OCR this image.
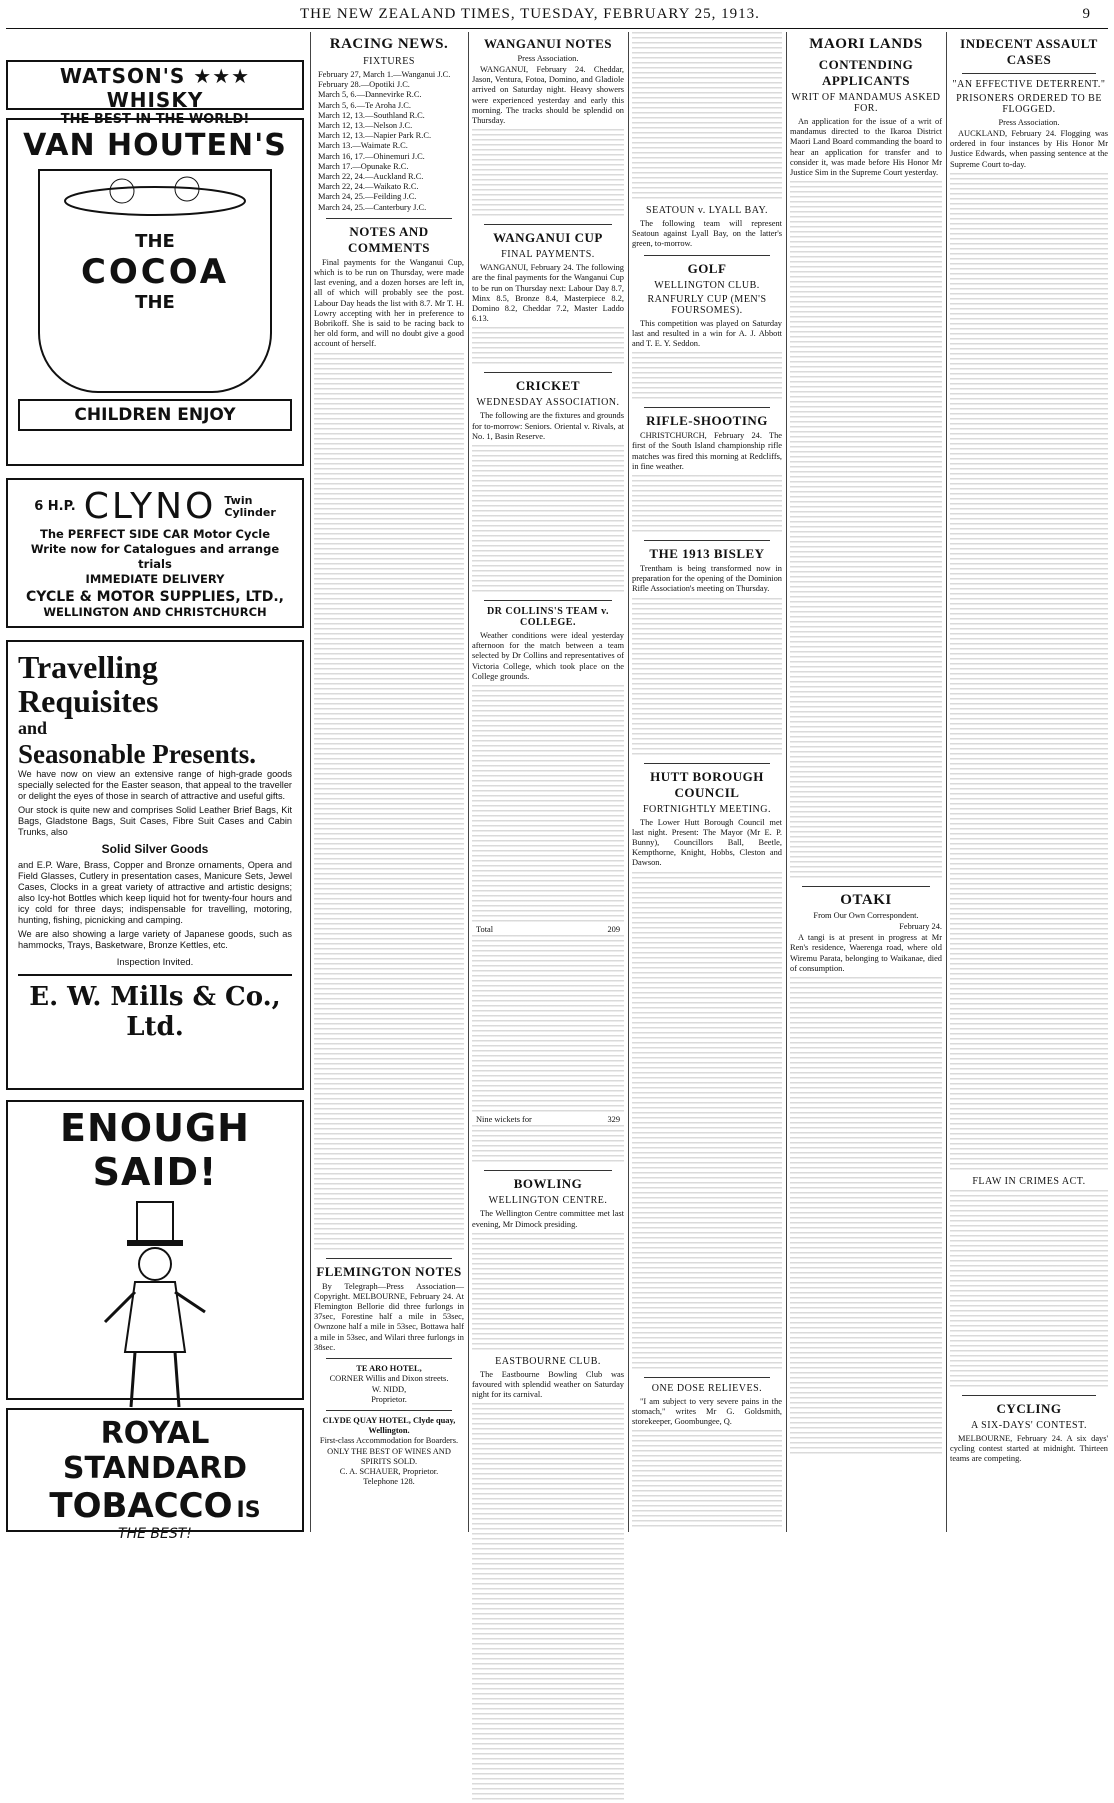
THE NEW ZEALAND TIMES, TUESDAY, FEBRUARY 25, 1913.	9
WATSON'S ★★★ WHISKY
THE BEST IN THE WORLD!
VAN HOUTEN'S
THE
COCOA
THE
CHILDREN ENJOY
6 H.P. CLYNO Twin
Cylinder
The PERFECT SIDE CAR Motor Cycle
Write now for Catalogues and arrange trials
IMMEDIATE DELIVERY
CYCLE & MOTOR SUPPLIES, LTD.,
WELLINGTON AND CHRISTCHURCH
Travelling
Requisites
and
Seasonable Presents.

We have now on view an extensive range of high-grade goods specially selected for the Easter season, that appeal to the traveller or delight the eyes of those in search of attractive and useful gifts.

Our stock is quite new and comprises Solid Leather Brief Bags, Kit Bags, Gladstone Bags, Suit Cases, Fibre Suit Cases and Cabin Trunks, also

Solid Silver Goods

and E.P. Ware, Brass, Copper and Bronze ornaments, Opera and Field Glasses, Cutlery in presentation cases, Manicure Sets, Jewel Cases, Clocks in a great variety of attractive and artistic designs; also Icy-hot Bottles which keep liquid hot for twenty-four hours and icy cold for three days; indispensable for travelling, motoring, hunting, fishing, picnicking and camping.

We are also showing a large variety of Japanese goods, such as hammocks, Trays, Basketware, Bronze Kettles, etc.

Inspection Invited.
E. W. Mills & Co., Ltd.
ENOUGH SAID!
ROYAL STANDARD
TOBACCO IS
THE BEST!
RACING NEWS.
FIXTURES
February 27, March 1.—Wanganui J.C.
February 28.—Opotiki J.C.
March 5, 6.—Dannevirke R.C.
March 5, 6.—Te Aroha J.C.
March 12, 13.—Southland R.C.
March 12, 13.—Nelson J.C.
March 12, 13.—Napier Park R.C.
March 13.—Waimate R.C.
March 16, 17.—Ohinemuri J.C.
March 17.—Opunake R.C.
March 22, 24.—Auckland R.C.
March 22, 24.—Waikato R.C.
March 24, 25.—Feilding J.C.
March 24, 25.—Canterbury J.C.
NOTES AND COMMENTS

Final payments for the Wanganui Cup, which is to be run on Thursday, were made last evening, and a dozen horses are left in, all of which will probably see the post. Labour Day heads the list with 8.7. Mr T. H. Lowry accepting with her in preference to Bobrikoff. She is said to be racing back to her old form, and will no doubt give a good account of herself.

FLEMINGTON NOTES

By Telegraph—Press Association—Copyright. MELBOURNE, February 24. At Flemington Bellorie did three furlongs in 37sec, Forestine half a mile in 53sec, Ownzone half a mile in 53sec, Bottawa half a mile in 53sec, and Wilari three furlongs in 38sec.

TE ARO HOTEL,
CORNER Willis and Dixon streets.
W. NIDD,
Proprietor.
CLYDE QUAY HOTEL, Clyde quay, Wellington.
First-class Accommodation for Boarders. ONLY THE BEST OF WINES AND SPIRITS SOLD.
C. A. SCHAUER, Proprietor.
Telephone 128.
WANGANUI NOTES
Press Association.

WANGANUI, February 24. Cheddar, Jason, Ventura, Fotoa, Domino, and Gladiole arrived on Saturday night. Heavy showers were experienced yesterday and early this morning. The tracks should be splendid on Thursday.

WANGANUI CUP
FINAL PAYMENTS.

WANGANUI, February 24. The following are the final payments for the Wanganui Cup to be run on Thursday next: Labour Day 8.7, Minx 8.5, Bronze 8.4, Masterpiece 8.2, Domino 8.2, Cheddar 7.2, Master Laddo 6.13.

CRICKET
WEDNESDAY ASSOCIATION.

The following are the fixtures and grounds for to-morrow: Seniors. Oriental v. Rivals, at No. 1, Basin Reserve.

DR COLLINS'S TEAM v. COLLEGE.

Weather conditions were ideal yesterday afternoon for the match between a team selected by Dr Collins and representatives of Victoria College, which took place on the College grounds.

Total	209
Nine wickets for	329
BOWLING
WELLINGTON CENTRE.

The Wellington Centre committee met last evening, Mr Dimock presiding.

EASTBOURNE CLUB.

The Eastbourne Bowling Club was favoured with splendid weather on Saturday night for its carnival.

SEATOUN v. LYALL BAY.

The following team will represent Seatoun against Lyall Bay, on the latter's green, to-morrow.

GOLF
WELLINGTON CLUB.
RANFURLY CUP (MEN'S FOURSOMES).

This competition was played on Saturday last and resulted in a win for A. J. Abbott and T. E. Y. Seddon.

RIFLE-SHOOTING

CHRISTCHURCH, February 24. The first of the South Island championship rifle matches was fired this morning at Redcliffs, in fine weather.

THE 1913 BISLEY

Trentham is being transformed now in preparation for the opening of the Dominion Rifle Association's meeting on Thursday.

HUTT BOROUGH COUNCIL
FORTNIGHTLY MEETING.

The Lower Hutt Borough Council met last night. Present: The Mayor (Mr E. P. Bunny), Councillors Ball, Beetle, Kempthorne, Knight, Hobbs, Cleston and Dawson.

ONE DOSE RELIEVES.

"I am subject to very severe pains in the stomach," writes Mr G. Goldsmith, storekeeper, Goombungee, Q.

MAORI LANDS
CONTENDING APPLICANTS
WRIT OF MANDAMUS ASKED FOR.

An application for the issue of a writ of mandamus directed to the Ikaroa District Maori Land Board commanding the board to hear an application for transfer and to consider it, was made before His Honor Mr Justice Sim in the Supreme Court yesterday.

OTAKI
From Our Own Correspondent.
February 24.

A tangi is at present in progress at Mr Ren's residence, Waerenga road, where old Wiremu Parata, belonging to Waikanae, died of consumption.

INDECENT ASSAULT CASES
"AN EFFECTIVE DETERRENT."
PRISONERS ORDERED TO BE FLOGGED.
Press Association.

AUCKLAND, February 24. Flogging was ordered in four instances by His Honor Mr Justice Edwards, when passing sentence at the Supreme Court to-day.

FLAW IN CRIMES ACT.
CYCLING
A SIX-DAYS' CONTEST.

MELBOURNE, February 24. A six days' cycling contest started at midnight. Thirteen teams are competing.
